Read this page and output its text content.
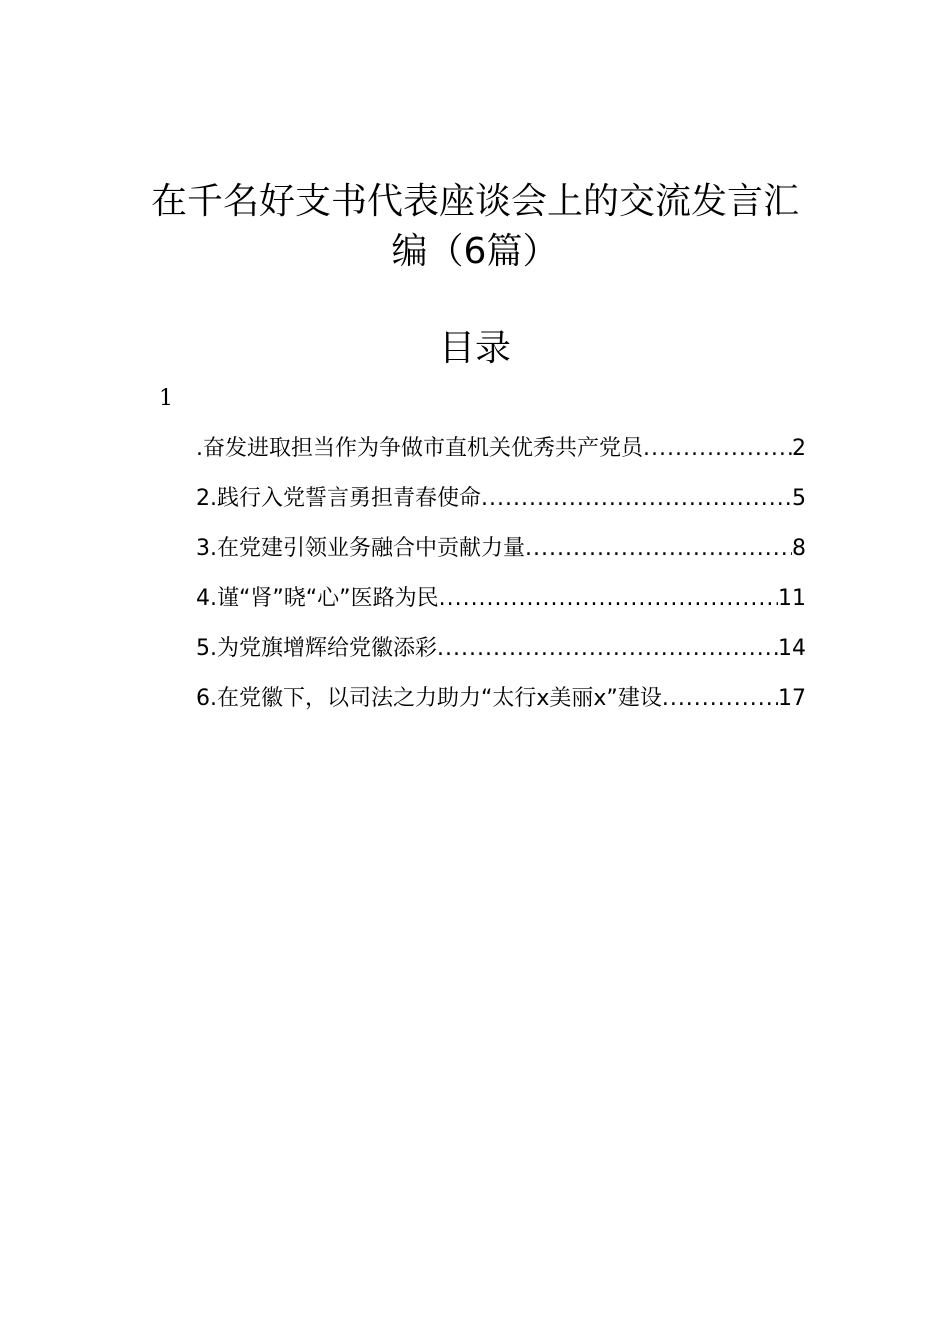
在千名好支书代表座谈会上的交流发言汇
编（6篇）
目录
1
.奋发进取担当作为争做市直机关优秀共产党员 .....	2
2.践行入党誓言勇担青春使命 .....	5
3.在党建引领业务融合中贡献力量 .....	8
4.谨“肾”晓“心”医路为民 .....	11
5.为党旗增辉给党徽添彩 .....	14
6.在党徽下，以司法之力助力“太行x美丽x”建设 .....	17
